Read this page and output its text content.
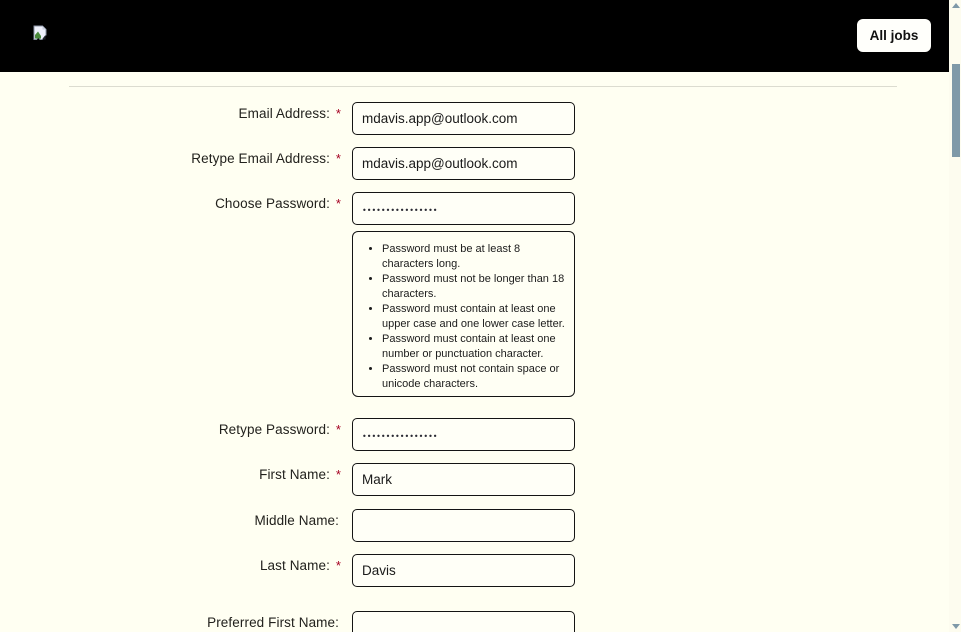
All jobs
Email Address: *
mdavis.app@outlook.com
Retype Email Address: *
mdavis.app@outlook.com
Choose Password: *
••••••••••••••••
• Password must be at least 8 characters long.
• Password must not be longer than 18 characters.
• Password must contain at least one upper case and one lower case letter.
• Password must contain at least one number or punctuation character.
• Password must not contain space or unicode characters.
Retype Password: *
••••••••••••••••
First Name: *
Mark
Middle Name:
Last Name: *
Davis
Preferred First Name:
